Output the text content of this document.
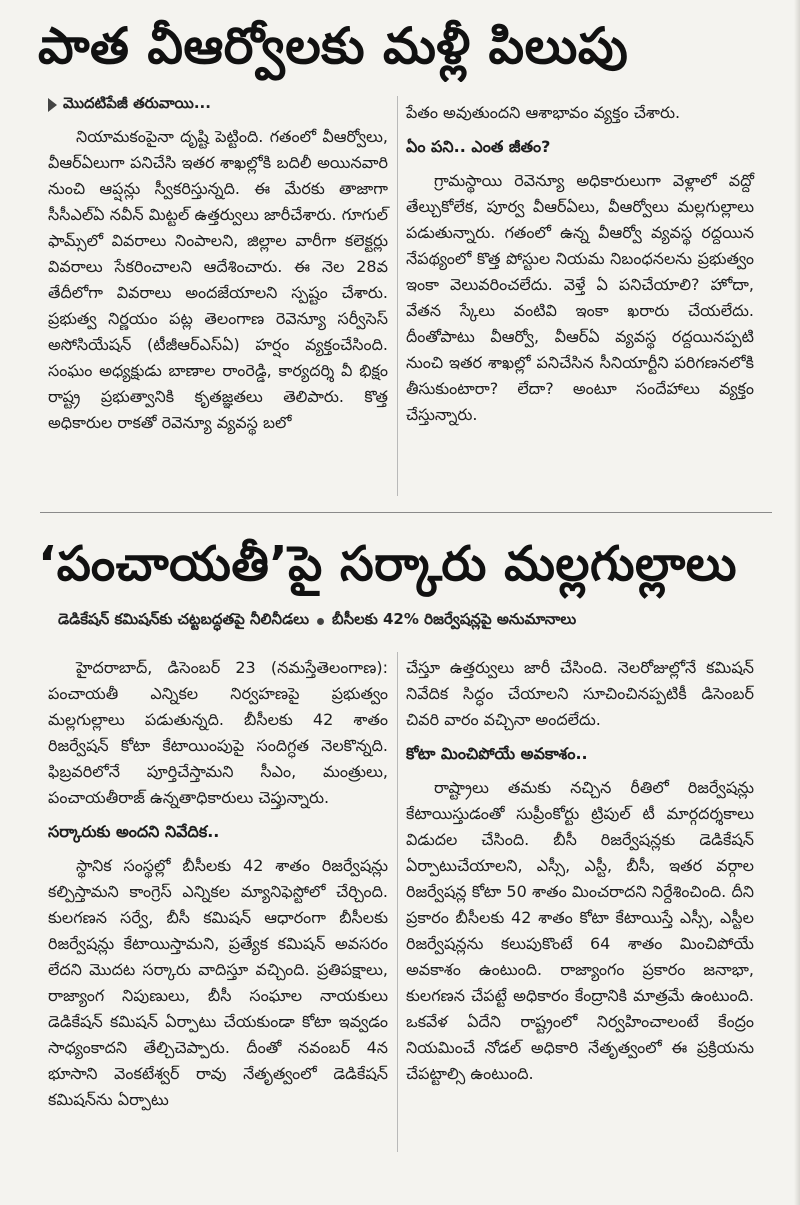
పాత వీఆర్వోలకు మళ్లీ పిలుపు
మొదటిపేజీ తరువాయి...

నియామకంపైనా దృష్టి పెట్టింది. గతంలో వీఆర్వోలు, వీఆర్‌ఏలుగా పనిచేసి ఇతర శాఖల్లోకి బదిలీ అయినవారి నుంచి ఆప్షన్లు స్వీకరిస్తున్నది. ఈ మేరకు తాజాగా సీసీఎల్‌ఏ నవీన్ మిట్టల్ ఉత్తర్వులు జారీచేశారు. గూగుల్ ఫామ్స్‌లో వివరాలు నింపాలని, జిల్లాల వారీగా కలెక్టర్లు వివరాలు సేకరించాలని ఆదేశించారు. ఈ నెల 28వ తేదీలోగా వివరాలు అందజేయాలని స్పష్టం చేశారు. ప్రభుత్వ నిర్ణయం పట్ల తెలంగాణ రెవెన్యూ సర్వీసెస్ అసోసియేషన్ (టీజీఆర్ఎస్‌ఏ) హర్షం వ్యక్తంచేసింది. సంఘం అధ్యక్షుడు బాణాల రాంరెడ్డి, కార్యదర్శి వీ భిక్షం రాష్ట్ర ప్రభుత్వానికి కృతజ్ఞతలు తెలిపారు. కొత్త అధికారుల రాకతో రెవెన్యూ వ్యవస్థ బలో

పేతం అవుతుందని ఆశాభావం వ్యక్తం చేశారు.

ఏం పని.. ఎంత జీతం?

గ్రామస్థాయి రెవెన్యూ అధికారులుగా వెళ్లాలో వద్దో తేల్చుకోలేక, పూర్వ వీఆర్ఏలు, వీఆర్వోలు మల్లగుల్లాలు పడుతున్నారు. గతంలో ఉన్న వీఆర్వో వ్యవస్థ రద్దయిన నేపథ్యంలో కొత్త పోస్టుల నియమ నిబంధనలను ప్రభుత్వం ఇంకా వెలువరించలేదు. వెళ్తే ఏ పనిచేయాలి? హోదా, వేతన స్కేలు వంటివి ఇంకా ఖరారు చేయలేదు. దీంతోపాటు వీఆర్వో, వీఆర్ఏ వ్యవస్థ రద్దయినప్పటి నుంచి ఇతర శాఖల్లో పనిచేసిన సీనియార్టీని పరిగణనలోకి తీసుకుంటారా? లేదా? అంటూ సందేహాలు వ్యక్తం చేస్తున్నారు.

‘పంచాయతీ’పై సర్కారు మల్లగుల్లాలు
డెడికేషన్ కమిషన్‌కు చట్టబద్ధతపై నీలినీడలు బీసీలకు 42% రిజర్వేషన్లపై అనుమానాలు

హైదరాబాద్, డిసెంబర్ 23 (నమస్తేతెలంగాణ): పంచాయతీ ఎన్నికల నిర్వహణపై ప్రభుత్వం మల్లగుల్లాలు పడుతున్నది. బీసీలకు 42 శాతం రిజర్వేషన్ కోటా కేటాయింపుపై సందిగ్ధత నెలకొన్నది. ఫిబ్రవరిలోనే పూర్తిచేస్తామని సీఎం, మంత్రులు, పంచాయతీరాజ్ ఉన్నతాధికారులు చెప్తున్నారు.

సర్కారుకు అందని నివేదిక..

స్థానిక సంస్థల్లో బీసీలకు 42 శాతం రిజర్వేషన్లు కల్పిస్తామని కాంగ్రెస్ ఎన్నికల మ్యానిఫెస్టోలో చేర్చింది. కులగణన సర్వే, బీసీ కమిషన్ ఆధారంగా బీసీలకు రిజర్వేషన్లు కేటాయిస్తామని, ప్రత్యేక కమిషన్ అవసరం లేదని మొదట సర్కారు వాదిస్తూ వచ్చింది. ప్రతిపక్షాలు, రాజ్యాంగ నిపుణులు, బీసీ సంఘాల నాయకులు డెడికేషన్ కమిషన్ ఏర్పాటు చేయకుండా కోటా ఇవ్వడం సాధ్యంకాదని తేల్చిచెప్పారు. దీంతో నవంబర్ 4న భూసాని వెంకటేశ్వర్ రావు నేతృత్వంలో డెడికేషన్ కమిషన్‌ను ఏర్పాటు

చేస్తూ ఉత్తర్వులు జారీ చేసింది. నెలరోజుల్లోనే కమిషన్ నివేదిక సిద్ధం చేయాలని సూచించినప్పటికీ డిసెంబర్ చివరి వారం వచ్చినా అందలేదు.

కోటా మించిపోయే అవకాశం..

రాష్ట్రాలు తమకు నచ్చిన రీతిలో రిజర్వేషన్లు కేటాయిస్తుడంతో సుప్రీంకోర్టు ట్రిపుల్ టీ మార్గదర్శకాలు విడుదల చేసింది. బీసీ రిజర్వేషన్లకు డెడికేషన్ ఏర్పాటుచేయాలని, ఎస్సీ, ఎస్టీ, బీసీ, ఇతర వర్గాల రిజర్వేషన్ల కోటా 50 శాతం మించరాదని నిర్దేశించింది. దీని ప్రకారం బీసీలకు 42 శాతం కోటా కేటాయిస్తే ఎస్సీ, ఎస్టీల రిజర్వేషన్లను కలుపుకొంటే 64 శాతం మించిపోయే అవకాశం ఉంటుంది. రాజ్యాంగం ప్రకారం జనాభా, కులగణన చేపట్టే అధికారం కేంద్రానికి మాత్రమే ఉంటుంది. ఒకవేళ ఏదేని రాష్ట్రంలో నిర్వహించాలంటే కేంద్రం నియమించే నోడల్ అధికారి నేతృత్వంలో ఈ ప్రక్రియను చేపట్టాల్సి ఉంటుంది.
